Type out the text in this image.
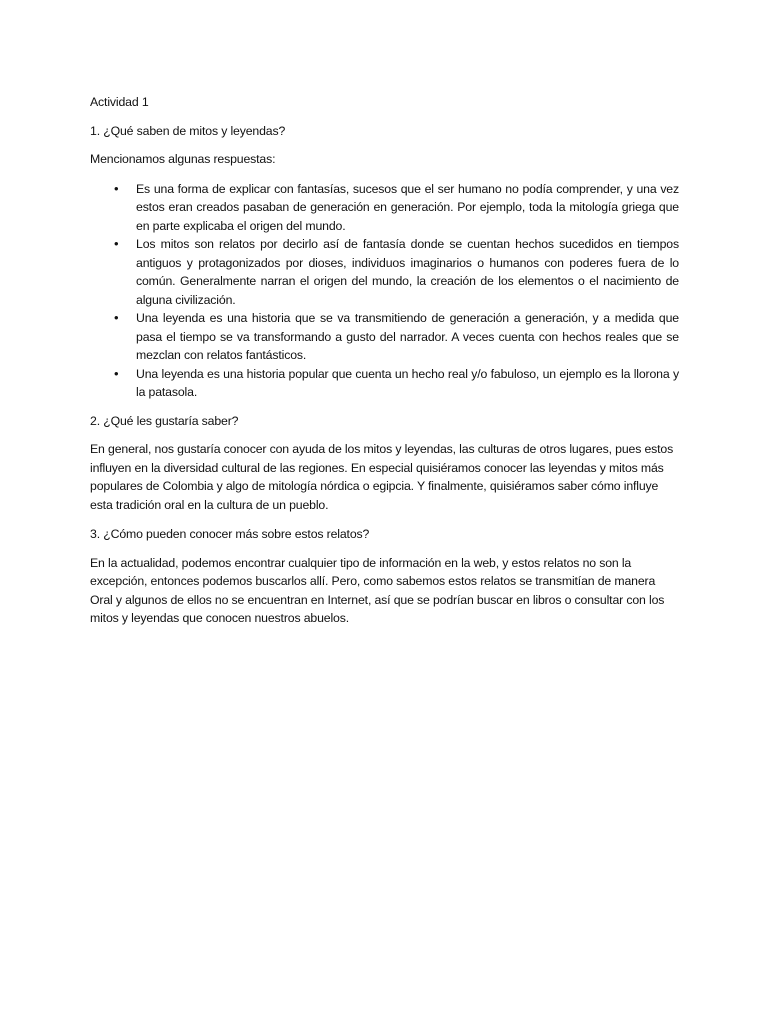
Actividad 1
1. ¿Qué saben de mitos y leyendas?
Mencionamos algunas respuestas:
• Es una forma de explicar con fantasías, sucesos que el ser humano no podía comprender, y una vez estos eran creados pasaban de generación en generación. Por ejemplo, toda la mitología griega que en parte explicaba el origen del mundo.
• Los mitos son relatos por decirlo así de fantasía donde se cuentan hechos sucedidos en tiempos antiguos y protagonizados por dioses, individuos imaginarios o humanos con poderes fuera de lo común. Generalmente narran el origen del mundo, la creación de los elementos o el nacimiento de alguna civilización.
• Una leyenda es una historia que se va transmitiendo de generación a generación, y a medida que pasa el tiempo se va transformando a gusto del narrador. A veces cuenta con hechos reales que se mezclan con relatos fantásticos.
• Una leyenda es una historia popular que cuenta un hecho real y/o fabuloso, un ejemplo es la llorona y la patasola.
2. ¿Qué les gustaría saber?
En general, nos gustaría conocer con ayuda de los mitos y leyendas, las culturas de otros lugares, pues estos influyen en la diversidad cultural de las regiones. En especial quisiéramos conocer las leyendas y mitos más populares de Colombia y algo de mitología nórdica o egipcia. Y finalmente, quisiéramos saber cómo influye esta tradición oral en la cultura de un pueblo.
3. ¿Cómo pueden conocer más sobre estos relatos?
En la actualidad, podemos encontrar cualquier tipo de información en la web, y estos relatos no son la excepción, entonces podemos buscarlos allí. Pero, como sabemos estos relatos se transmitían de manera Oral y algunos de ellos no se encuentran en Internet, así que se podrían buscar en libros o consultar con los mitos y leyendas que conocen nuestros abuelos.
